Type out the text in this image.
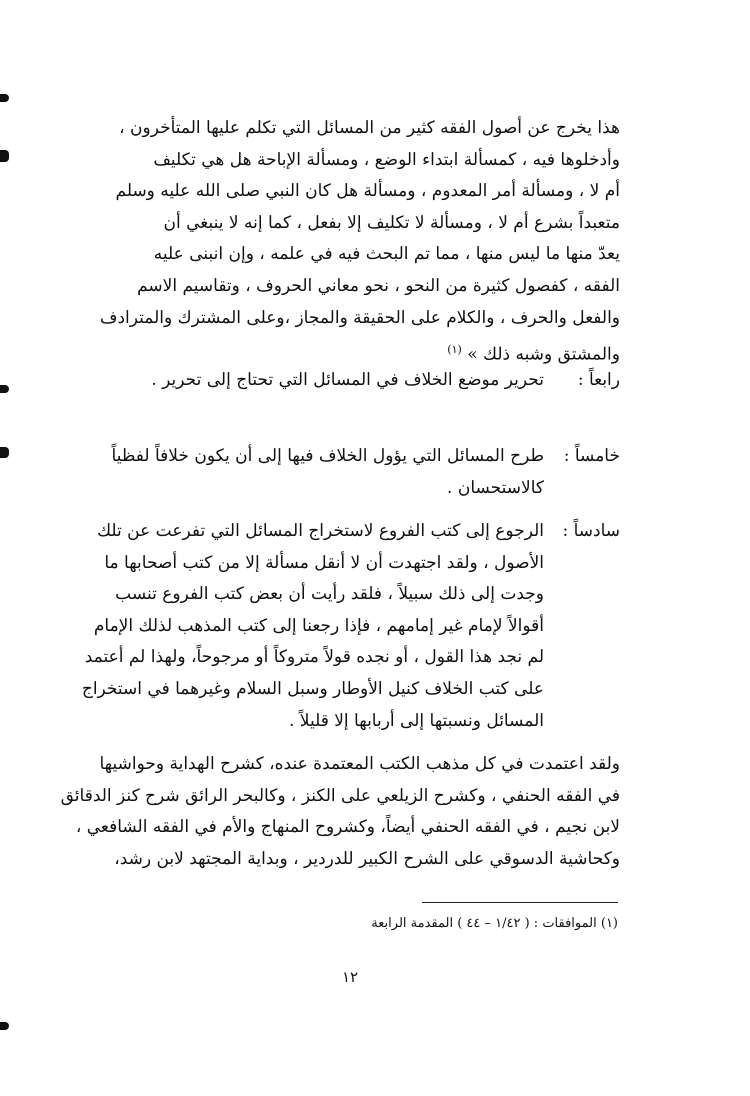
هذا يخرج عن أصول الفقه كثير من المسائل التي تكلم عليها المتأخرون ،
وأدخلوها فيه ، كمسألة ابتداء الوضع ، ومسألة الإباحة هل هي تكليف
أم لا ، ومسألة أمر المعدوم ، ومسألة هل كان النبي صلى الله عليه وسلم
متعبداً بشرع أم لا ، ومسألة لا تكليف إلا بفعل ، كما إنه لا ينبغي أن
يعدّ منها ما ليس منها ، مما تم البحث فيه في علمه ، وإن انبنى عليه
الفقه ، كفصول كثيرة من النحو ، نحو معاني الحروف ، وتقاسيم الاسم
والفعل والحرف ، والكلام على الحقيقة والمجاز ،وعلى المشترك والمترادف
والمشتق وشبه ذلك » $^{(١)}$
رابعاً :
تحرير موضع الخلاف في المسائل التي تحتاج إلى تحرير .
خامساً :
طرح المسائل التي يؤول الخلاف فيها إلى أن يكون خلافاً لفظياً
كالاستحسان .
سادساً :
الرجوع إلى كتب الفروع لاستخراج المسائل التي تفرعت عن تلك
الأصول ، ولقد اجتهدت أن لا أنقل مسألة إلا من كتب أصحابها ما
وجدت إلى ذلك سبيلاً ، فلقد رأيت أن بعض كتب الفروع تنسب
أقوالاً لإمام غير إمامهم ، فإذا رجعنا إلى كتب المذهب لذلك الإمام
لم نجد هذا القول ، أو نجده قولاً متروكاً أو مرجوحاً، ولهذا لم أعتمد
على كتب الخلاف كنيل الأوطار وسبل السلام وغيرهما في استخراج
المسائل ونسبتها إلى أربابها إلا قليلاً .
ولقد اعتمدت في كل مذهب الكتب المعتمدة عنده، كشرح الهداية وحواشيها
في الفقه الحنفي ، وكشرح الزيلعي على الكنز ، وكالبحر الرائق شرح كنز الدقائق
لابن نجيم ، في الفقه الحنفي أيضاً، وكشروح المنهاج والأم في الفقه الشافعي ،
وكحاشية الدسوقي على الشرح الكبير للدردير ، وبداية المجتهد لابن رشد،
(١) الموافقات : ( ١/٤٢ – ٤٤ ) المقدمة الرابعة
١٢
